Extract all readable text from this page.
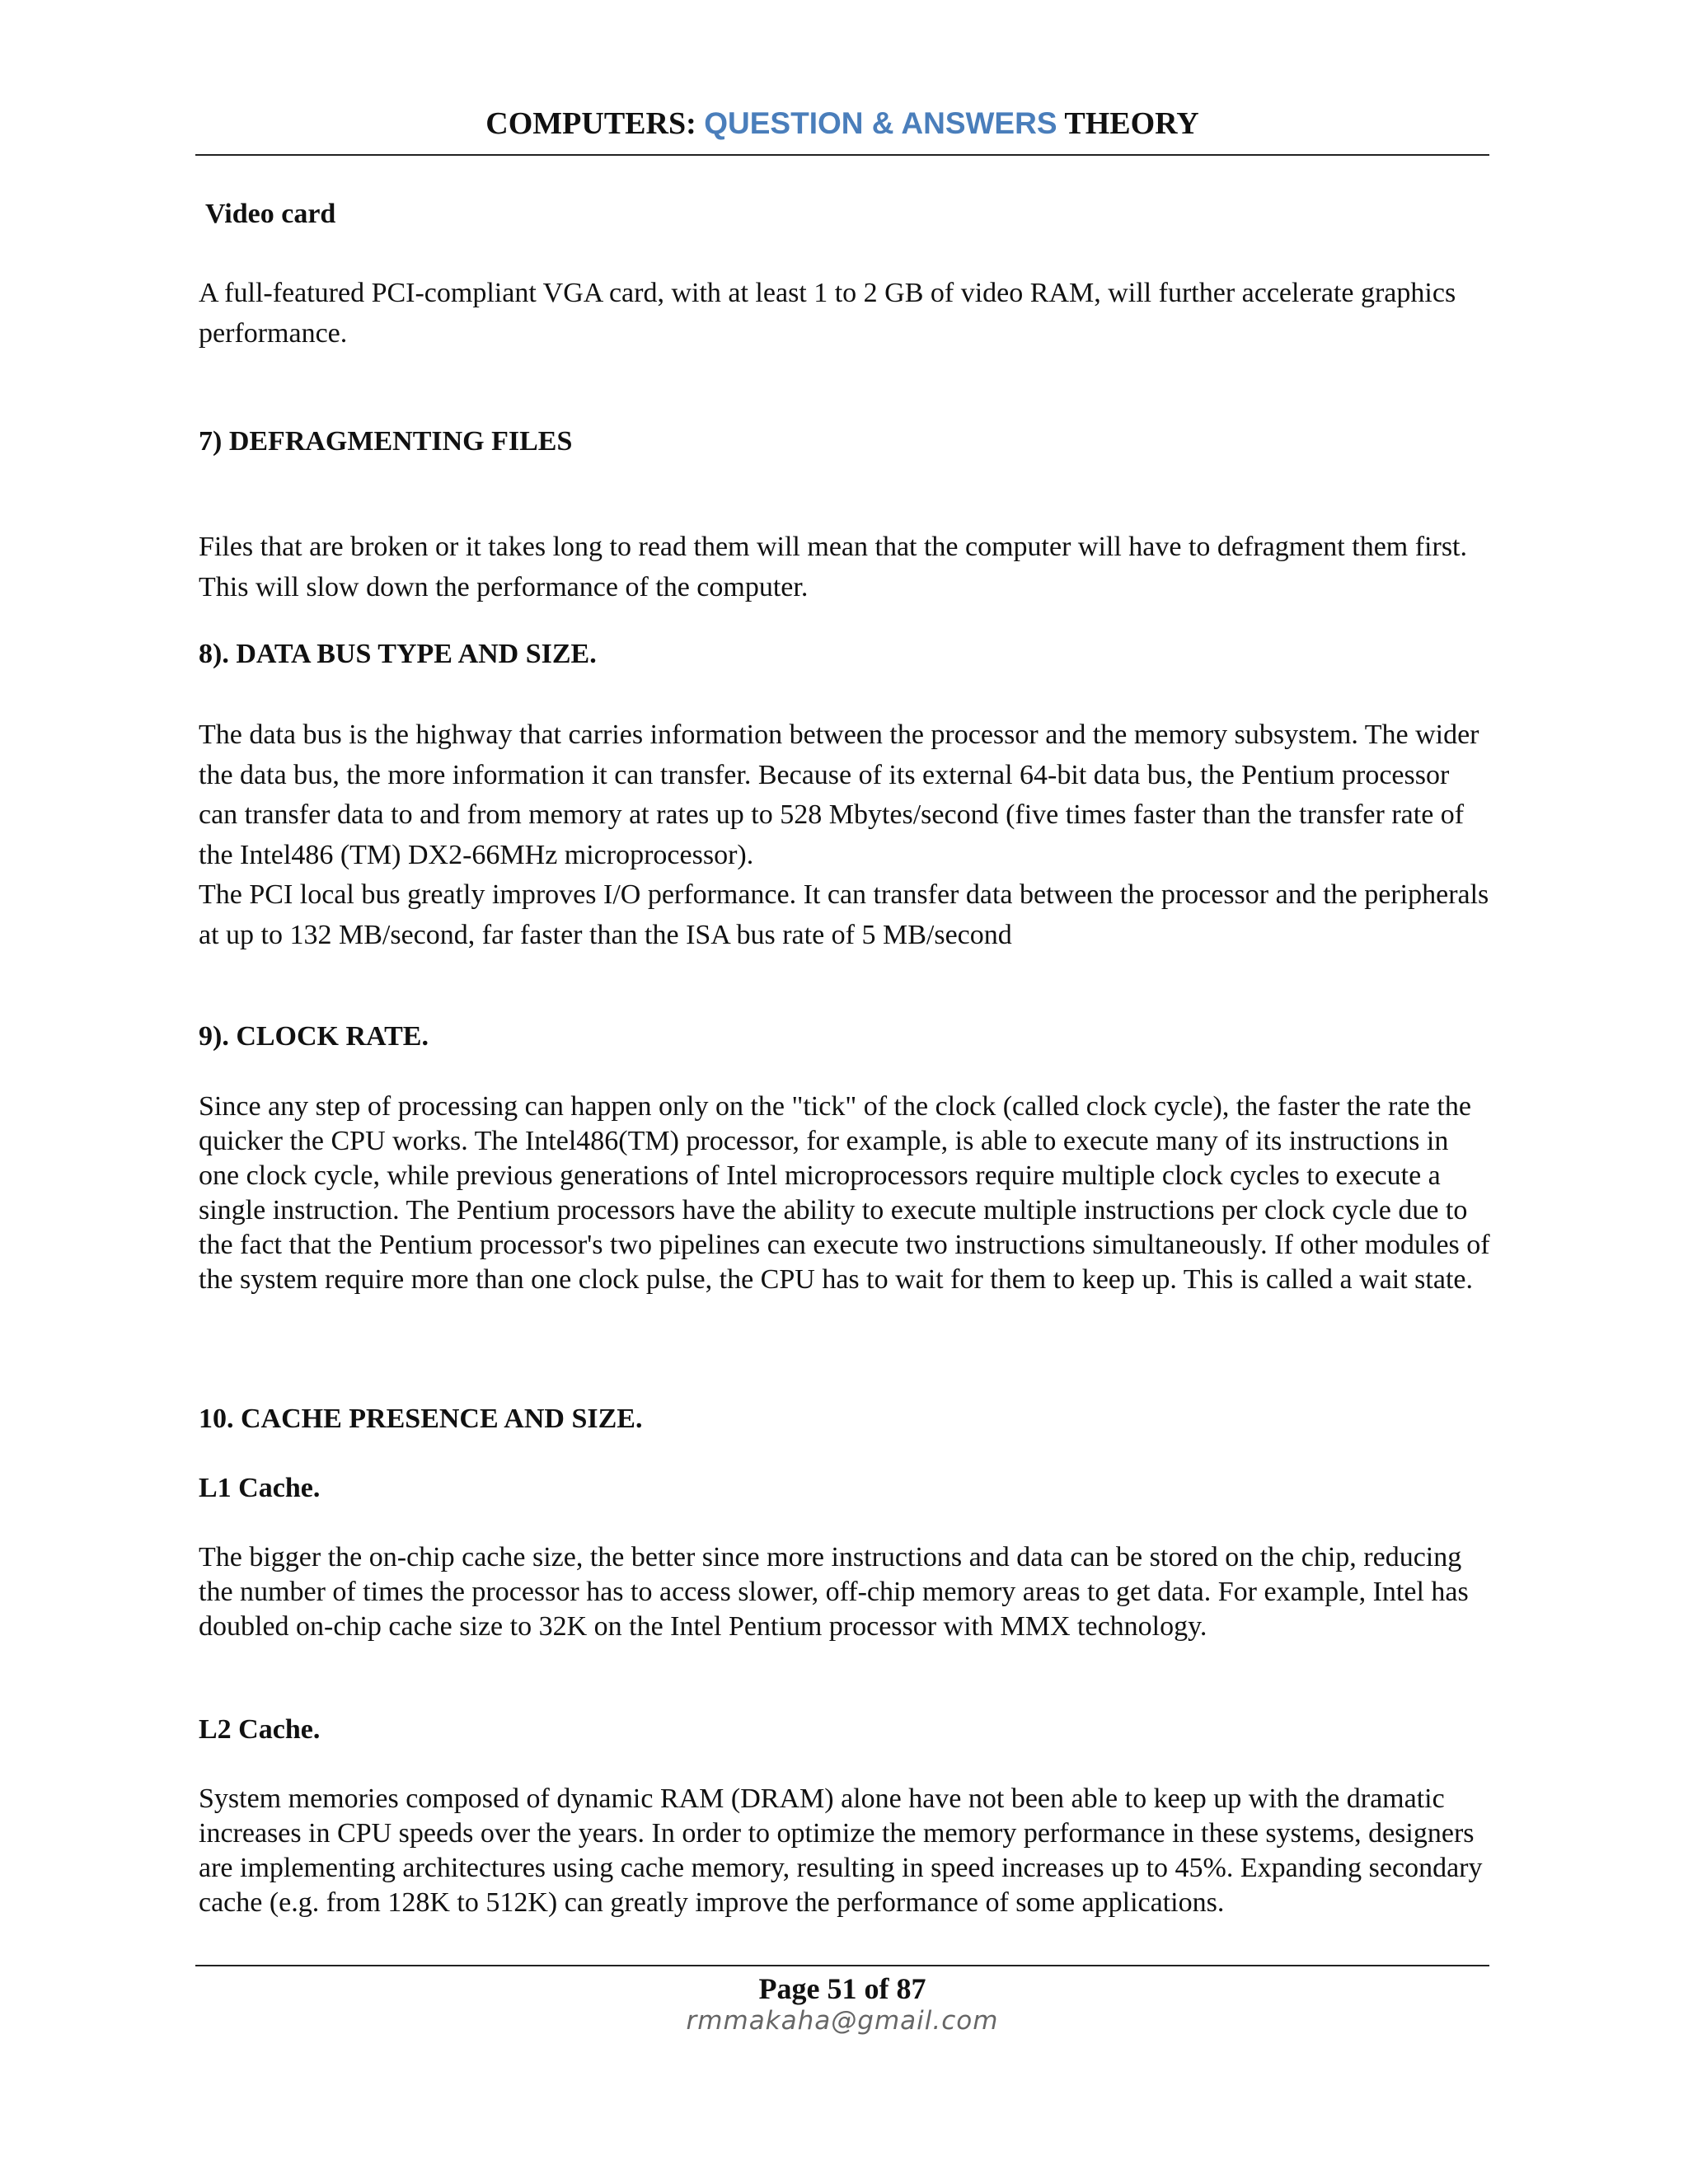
COMPUTERS: QUESTION & ANSWERS THEORY
Video card
A full-featured PCI-compliant VGA card, with at least 1 to 2 GB of video RAM, will further accelerate graphics performance.
7) DEFRAGMENTING FILES
Files that are broken or it takes long to read them will mean that the computer will have to defragment them first. This will slow down the performance of the computer.
8). DATA BUS TYPE AND SIZE.
The data bus is the highway that carries information between the processor and the memory subsystem. The wider the data bus, the more information it can transfer. Because of its external 64-bit data bus, the Pentium processor can transfer data to and from memory at rates up to 528 Mbytes/second (five times faster than the transfer rate of the Intel486 (TM) DX2-66MHz microprocessor).
The PCI local bus greatly improves I/O performance. It can transfer data between the processor and the peripherals at up to 132 MB/second, far faster than the ISA bus rate of 5 MB/second
9). CLOCK RATE.
Since any step of processing can happen only on the "tick" of the clock (called clock cycle), the faster the rate the quicker the CPU works. The Intel486(TM) processor, for example, is able to execute many of its instructions in one clock cycle, while previous generations of Intel microprocessors require multiple clock cycles to execute a single instruction. The Pentium processors have the ability to execute multiple instructions per clock cycle due to the fact that the Pentium processor's two pipelines can execute two instructions simultaneously. If other modules of the system require more than one clock pulse, the CPU has to wait for them to keep up. This is called a wait state.
10. CACHE PRESENCE AND SIZE.
L1 Cache.
The bigger the on-chip cache size, the better since more instructions and data can be stored on the chip, reducing the number of times the processor has to access slower, off-chip memory areas to get data. For example, Intel has doubled on-chip cache size to 32K on the Intel Pentium processor with MMX technology.
L2 Cache.
System memories composed of dynamic RAM (DRAM) alone have not been able to keep up with the dramatic increases in CPU speeds over the years. In order to optimize the memory performance in these systems, designers are implementing architectures using cache memory, resulting in speed increases up to 45%. Expanding secondary cache (e.g. from 128K to 512K) can greatly improve the performance of some applications.
Page 51 of 87
rmmakaha@gmail.com
